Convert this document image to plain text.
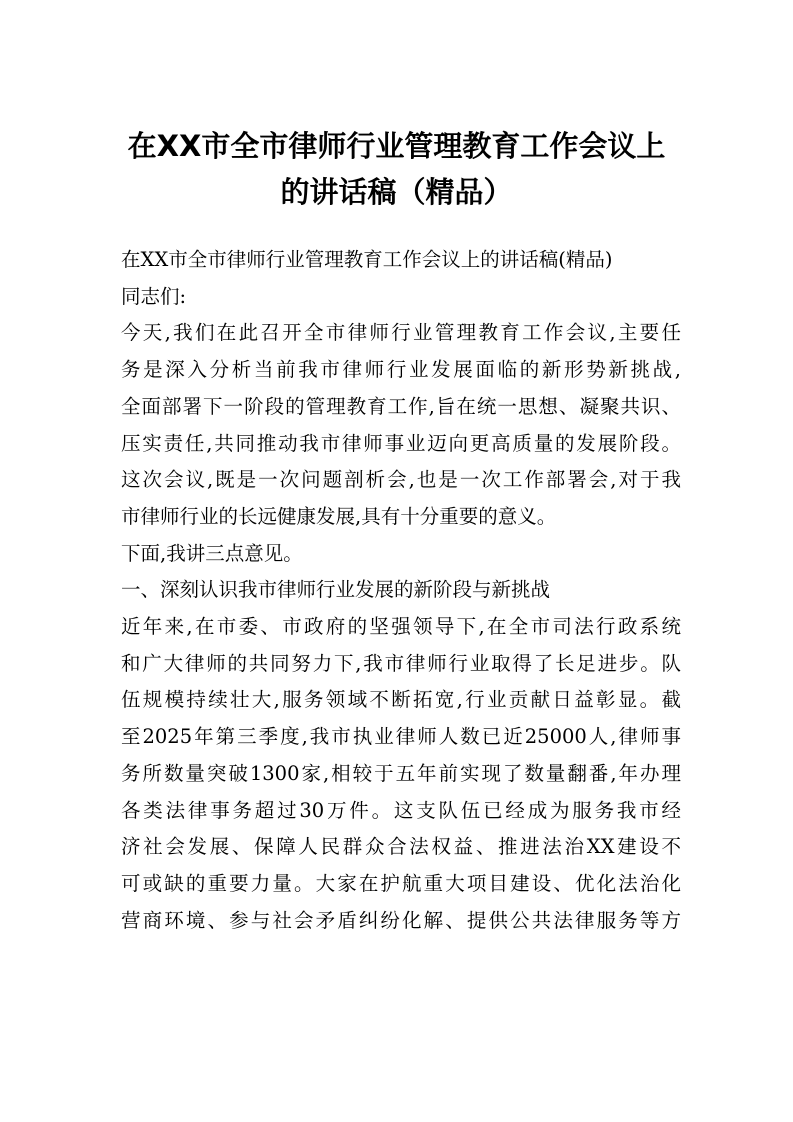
在XX市全市律师行业管理教育工作会议上
的讲话稿（精品）

在XX市全市律师行业管理教育工作会议上的讲话稿(精品)

同志们:

今天,我们在此召开全市律师行业管理教育工作会议,主要任

务是深入分析当前我市律师行业发展面临的新形势新挑战,

全面部署下一阶段的管理教育工作,旨在统一思想、凝聚共识、

压实责任,共同推动我市律师事业迈向更高质量的发展阶段。

这次会议,既是一次问题剖析会,也是一次工作部署会,对于我

市律师行业的长远健康发展,具有十分重要的意义。

下面,我讲三点意见。

一、深刻认识我市律师行业发展的新阶段与新挑战

近年来,在市委、市政府的坚强领导下,在全市司法行政系统

和广大律师的共同努力下,我市律师行业取得了长足进步。队

伍规模持续壮大,服务领域不断拓宽,行业贡献日益彰显。截

至2025年第三季度,我市执业律师人数已近25000人,律师事

务所数量突破1300家,相较于五年前实现了数量翻番,年办理

各类法律事务超过30万件。这支队伍已经成为服务我市经

济社会发展、保障人民群众合法权益、推进法治XX建设不

可或缺的重要力量。大家在护航重大项目建设、优化法治化

营商环境、参与社会矛盾纠纷化解、提供公共法律服务等方
